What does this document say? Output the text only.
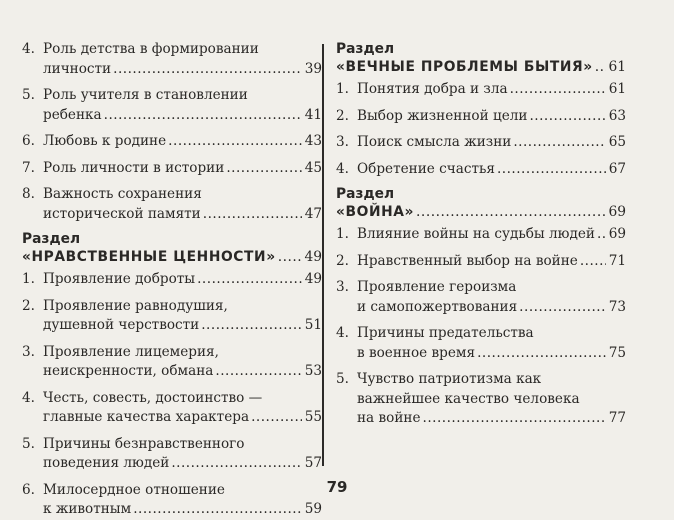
4. Роль детства в формировании
личности .....	39
5. Роль учителя в становлении
ребенка .....	41
6. Любовь к родине .....	43
7. Роль личности в истории .....	45
8. Важность сохранения
исторической памяти .....	47
Раздел
«НРАВСТВЕННЫЕ ЦЕННОСТИ» ..... 49
1. Проявление доброты .....	49
2. Проявление равнодушия,
душевной черствости .....	51
3. Проявление лицемерия,
неискренности, обмана .....	53
4. Честь, совесть, достоинство —
главные качества характера .....	55
5. Причины безнравственного
поведения людей .....	57
6. Милосердное отношение
к животным .....	59
Раздел
«ВЕЧНЫЕ ПРОБЛЕМЫ БЫТИЯ» ..... 61
1. Понятия добра и зла .....	61
2. Выбор жизненной цели .....	63
3. Поиск смысла жизни .....	65
4. Обретение счастья .....	67
Раздел
«ВОЙНА» .....	69
1. Влияние войны на судьбы людей ..... 69
2. Нравственный выбор на войне ..... 71
3. Проявление героизма
и самопожертвования .....	73
4. Причины предательства
в военное время .....	75
5. Чувство патриотизма как
важнейшее качество человека
на войне .....	77
79
